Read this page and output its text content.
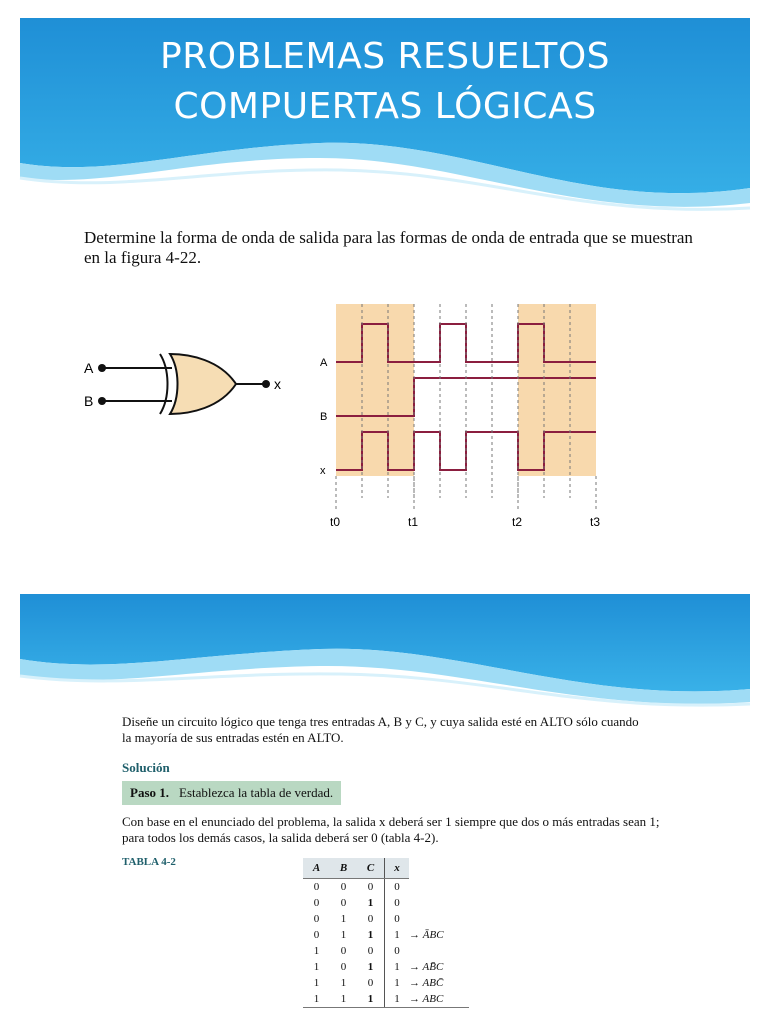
PROBLEMAS RESUELTOS
COMPUERTAS LÓGICAS
Determine la forma de onda de salida para las formas de onda de entrada que se muestran en la figura 4-22.
A
B
x
A
B
x
t0	t1	t2	t3
Diseñe un circuito lógico que tenga tres entradas A, B y C, y cuya salida esté en ALTO sólo cuando la mayoría de sus entradas estén en ALTO.
Solución
Paso 1. Establezca la tabla de verdad.
Con base en el enunciado del problema, la salida x deberá ser 1 siempre que dos o más entradas sean 1; para todos los demás casos, la salida deberá ser 0 (tabla 4-2).
TABLA 4-2	A	B	C	x	
0	0	0	0	
0	0	1	0	
0	1	0	0	
0	1	1	1	→ ĀBC
1	0	0	0	
1	0	1	1	→ AB̄C
1	1	0	1	→ ABC̄
1	1	1	1	→ ABC
